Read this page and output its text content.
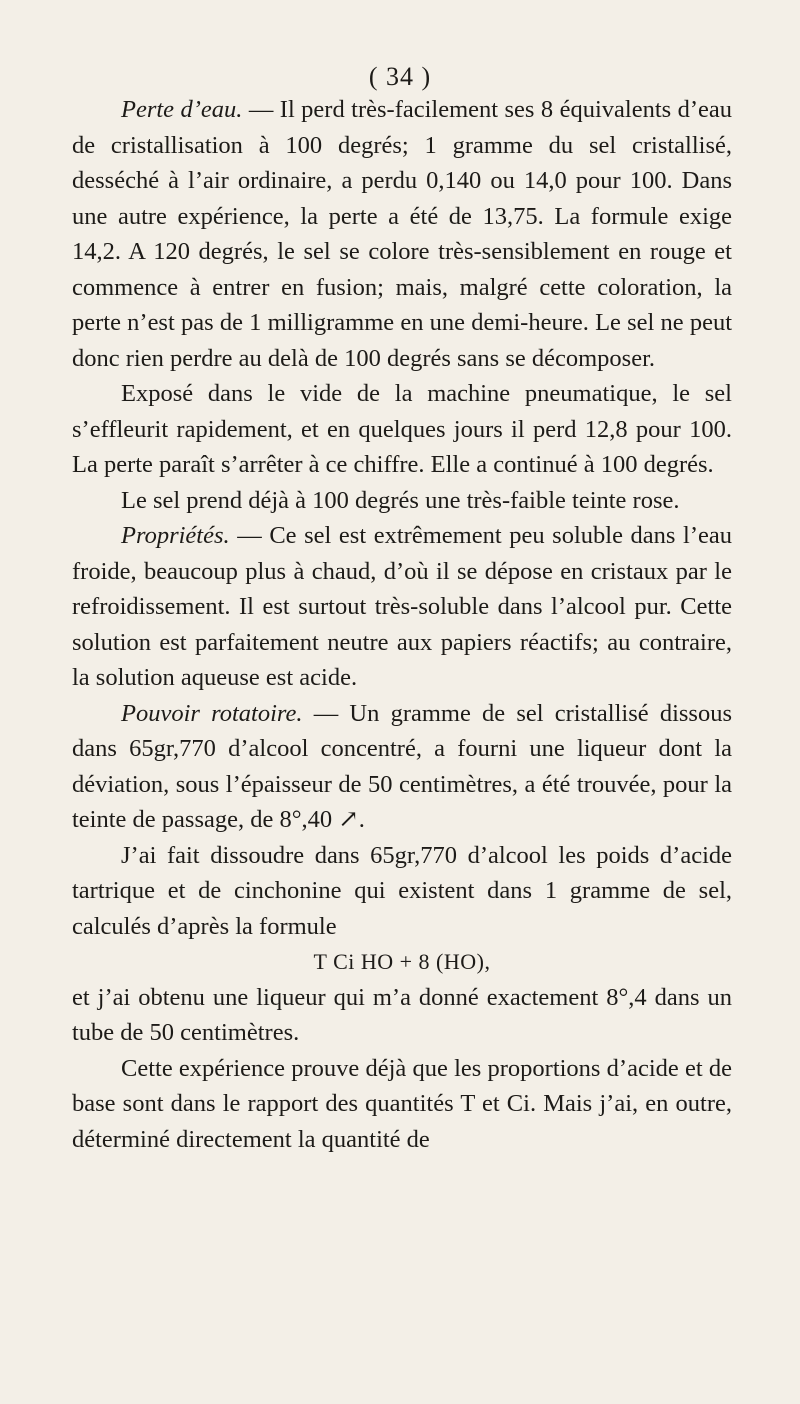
( 34 )

Perte d’eau. — Il perd très-facilement ses 8 équivalents d’eau de cristallisation à 100 degrés; 1 gramme du sel cristallisé, desséché à l’air ordinaire, a perdu 0,140 ou 14,0 pour 100. Dans une autre expérience, la perte a été de 13,75. La formule exige 14,2. A 120 degrés, le sel se colore très-sensiblement en rouge et commence à entrer en fusion; mais, malgré cette coloration, la perte n’est pas de 1 milligramme en une demi-heure. Le sel ne peut donc rien perdre au delà de 100 degrés sans se décomposer.

Exposé dans le vide de la machine pneumatique, le sel s’effleurit rapidement, et en quelques jours il perd 12,8 pour 100. La perte paraît s’arrêter à ce chiffre. Elle a continué à 100 degrés.

Le sel prend déjà à 100 degrés une très-faible teinte rose.

Propriétés. — Ce sel est extrêmement peu soluble dans l’eau froide, beaucoup plus à chaud, d’où il se dépose en cristaux par le refroidissement. Il est surtout très-soluble dans l’alcool pur. Cette solution est parfaitement neutre aux papiers réactifs; au contraire, la solution aqueuse est acide.

Pouvoir rotatoire. — Un gramme de sel cristallisé dissous dans 65gr,770 d’alcool concentré, a fourni une liqueur dont la déviation, sous l’épaisseur de 50 centimètres, a été trouvée, pour la teinte de passage, de 8°,40 ↗.

J’ai fait dissoudre dans 65gr,770 d’alcool les poids d’acide tartrique et de cinchonine qui existent dans 1 gramme de sel, calculés d’après la formule

T Ci HO + 8 (HO),

et j’ai obtenu une liqueur qui m’a donné exactement 8°,4 dans un tube de 50 centimètres.

Cette expérience prouve déjà que les proportions d’acide et de base sont dans le rapport des quantités T et Ci. Mais j’ai, en outre, déterminé directement la quantité de
